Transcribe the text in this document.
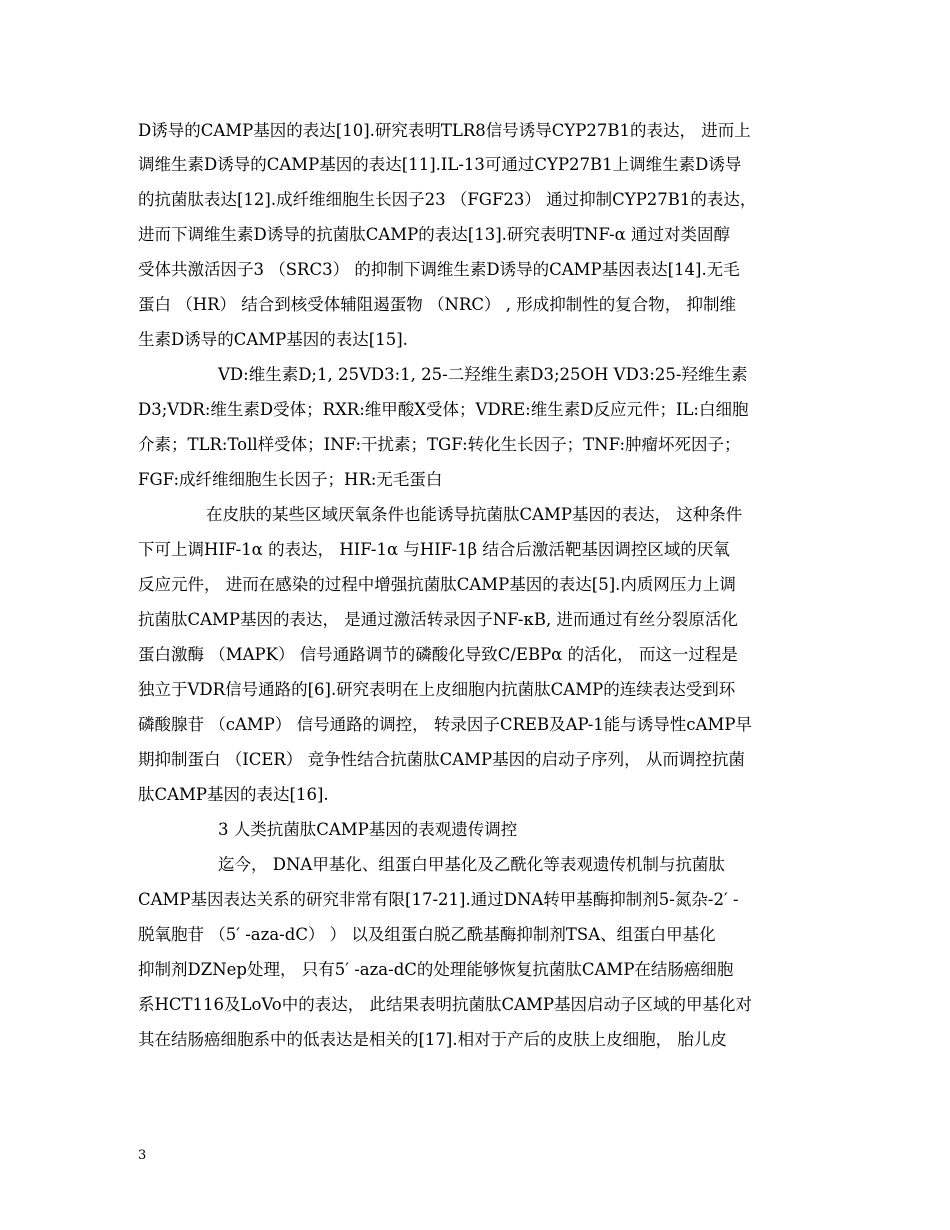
D诱导的CAMP基因的表达[10].研究表明TLR8信号诱导CYP27B1的表达， 进而上
调维生素D诱导的CAMP基因的表达[11].IL-13可通过CYP27B1上调维生素D诱导
的抗菌肽表达[12].成纤维细胞生长因子23 （FGF23） 通过抑制CYP27B1的表达，
进而下调维生素D诱导的抗菌肽CAMP的表达[13].研究表明TNF-α 通过对类固醇
受体共激活因子3 （SRC3） 的抑制下调维生素D诱导的CAMP基因表达[14].无毛
蛋白 （HR） 结合到核受体辅阻遏蛋物 （NRC） , 形成抑制性的复合物， 抑制维
生素D诱导的CAMP基因的表达[15].
VD:维生素D;1, 25VD3:1, 25-二羟维生素D3;25OH VD3:25-羟维生素
D3;VDR:维生素D受体；RXR:维甲酸X受体；VDRE:维生素D反应元件；IL:白细胞
介素；TLR:Toll样受体；INF:干扰素；TGF:转化生长因子；TNF:肿瘤坏死因子；
FGF:成纤维细胞生长因子；HR:无毛蛋白
在皮肤的某些区域厌氧条件也能诱导抗菌肽CAMP基因的表达， 这种条件
下可上调HIF-1α 的表达， HIF-1α 与HIF-1β 结合后激活靶基因调控区域的厌氧
反应元件， 进而在感染的过程中增强抗菌肽CAMP基因的表达[5].内质网压力上调
抗菌肽CAMP基因的表达， 是通过激活转录因子NF-κB, 进而通过有丝分裂原活化
蛋白激酶 （MAPK） 信号通路调节的磷酸化导致C/EBPα 的活化， 而这一过程是
独立于VDR信号通路的[6].研究表明在上皮细胞内抗菌肽CAMP的连续表达受到环
磷酸腺苷 （cAMP） 信号通路的调控， 转录因子CREB及AP-1能与诱导性cAMP早
期抑制蛋白 （ICER） 竞争性结合抗菌肽CAMP基因的启动子序列， 从而调控抗菌
肽CAMP基因的表达[16].
3 人类抗菌肽CAMP基因的表观遗传调控
迄今， DNA甲基化、组蛋白甲基化及乙酰化等表观遗传机制与抗菌肽
CAMP基因表达关系的研究非常有限[17-21].通过DNA转甲基酶抑制剂5-氮杂-2′ -
脱氧胞苷 （5′ -aza-dC） ） 以及组蛋白脱乙酰基酶抑制剂TSA、组蛋白甲基化
抑制剂DZNep处理， 只有5′ -aza-dC的处理能够恢复抗菌肽CAMP在结肠癌细胞
系HCT116及LoVo中的表达， 此结果表明抗菌肽CAMP基因启动子区域的甲基化对
其在结肠癌细胞系中的低表达是相关的[17].相对于产后的皮肤上皮细胞， 胎儿皮
3
